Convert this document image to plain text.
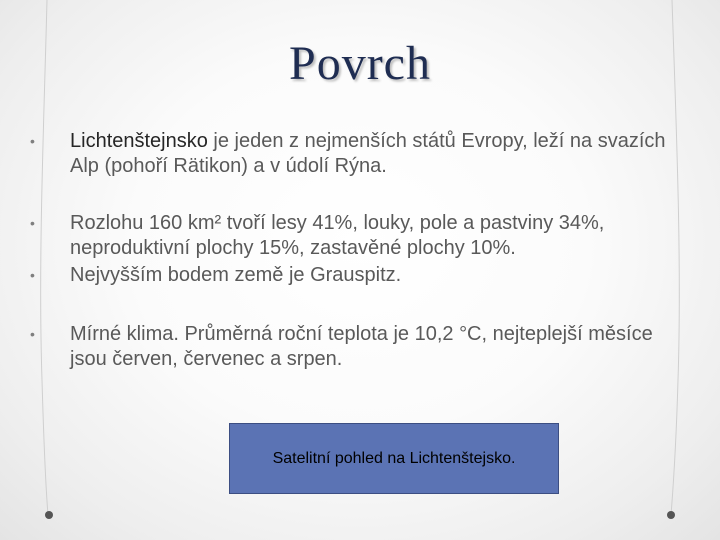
Povrch
• Lichtenštejnsko je jeden z nejmenších států Evropy, leží na svazích Alp (pohoří Rätikon) a v údolí Rýna.
• Rozlohu 160 km² tvoří lesy 41%, louky, pole a pastviny 34%, neproduktivní plochy 15%, zastavěné plochy 10%.
• Nejvyšším bodem země je Grauspitz.
• Mírné klima. Průměrná roční teplota je 10,2 °C, nejteplejší měsíce jsou červen, červenec a srpen.
Satelitní pohled na Lichtenštejsko.
